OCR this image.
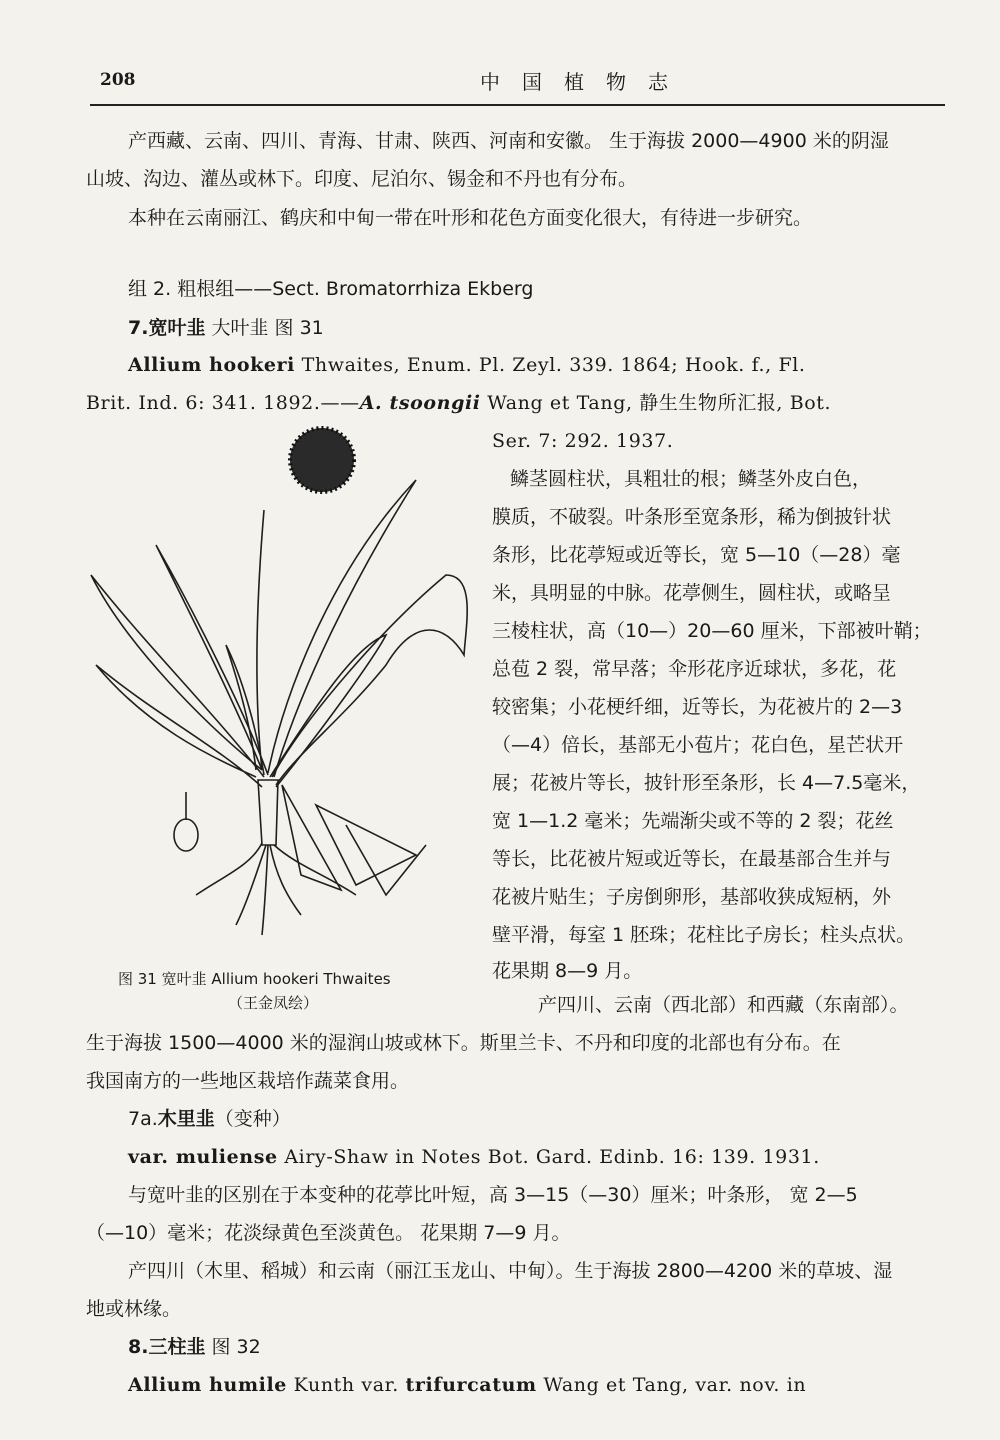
208	中国植物志
产西藏、云南、四川、青海、甘肃、陕西、河南和安徽。 生于海拔 2000—4900 米的阴湿
山坡、沟边、灌丛或林下。印度、尼泊尔、锡金和不丹也有分布。
本种在云南丽江、鹤庆和中甸一带在叶形和花色方面变化很大，有待进一步研究。
组 2. 粗根组——Sect. Bromatorrhiza Ekberg
7.宽叶韭 大叶韭 图 31
Allium hookeri Thwaites, Enum. Pl. Zeyl. 339. 1864; Hook. f., Fl.
Brit. Ind. 6: 341. 1892.——A. tsoongii Wang et Tang, 静生生物所汇报, Bot.
Ser. 7: 292. 1937.
鳞茎圆柱状，具粗壮的根；鳞茎外皮白色，
膜质，不破裂。叶条形至宽条形，稀为倒披针状
条形，比花葶短或近等长，宽 5—10（—28）毫
米，具明显的中脉。花葶侧生，圆柱状，或略呈
三棱柱状，高（10—）20—60 厘米，下部被叶鞘；
总苞 2 裂，常早落；伞形花序近球状，多花，花
较密集；小花梗纤细，近等长，为花被片的 2—3
（—4）倍长，基部无小苞片；花白色，星芒状开
展；花被片等长，披针形至条形，长 4—7.5毫米，
宽 1—1.2 毫米；先端渐尖或不等的 2 裂；花丝
等长，比花被片短或近等长，在最基部合生并与
花被片贴生；子房倒卵形，基部收狭成短柄，外
壁平滑，每室 1 胚珠；花柱比子房长；柱头点状。
花果期 8—9 月。
产四川、云南（西北部）和西藏（东南部）。
生于海拔 1500—4000 米的湿润山坡或林下。斯里兰卡、不丹和印度的北部也有分布。在
我国南方的一些地区栽培作蔬菜食用。
7a.木里韭（变种）
var. muliense Airy-Shaw in Notes Bot. Gard. Edinb. 16: 139. 1931.
与宽叶韭的区别在于本变种的花葶比叶短，高 3—15（—30）厘米；叶条形， 宽 2—5
（—10）毫米；花淡绿黄色至淡黄色。 花果期 7—9 月。
产四川（木里、稻城）和云南（丽江玉龙山、中甸）。生于海拔 2800—4200 米的草坡、湿
地或林缘。
8.三柱韭 图 32
Allium humile Kunth var. trifurcatum Wang et Tang, var. nov. in
图 31 宽叶韭 Allium hookeri Thwaites
（王金凤绘）
